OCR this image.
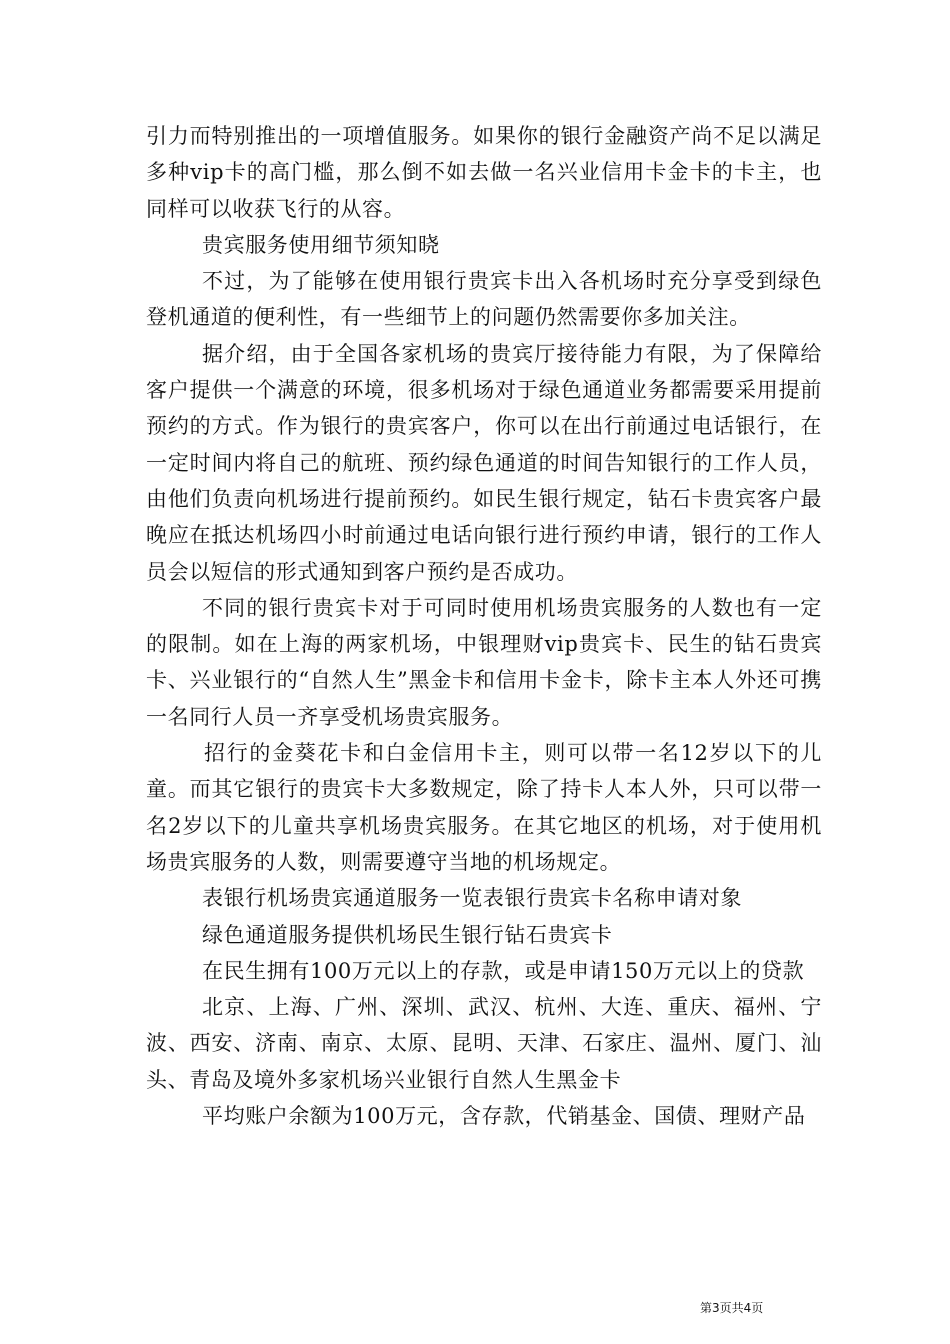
引力而特别推出的一项增值服务。如果你的银行金融资产尚不足以满足多种vip卡的高门槛，那么倒不如去做一名兴业信用卡金卡的卡主，也同样可以收获飞行的从容。

贵宾服务使用细节须知晓

不过，为了能够在使用银行贵宾卡出入各机场时充分享受到绿色登机通道的便利性，有一些细节上的问题仍然需要你多加关注。

据介绍，由于全国各家机场的贵宾厅接待能力有限，为了保障给客户提供一个满意的环境，很多机场对于绿色通道业务都需要采用提前预约的方式。作为银行的贵宾客户，你可以在出行前通过电话银行，在一定时间内将自己的航班、预约绿色通道的时间告知银行的工作人员，由他们负责向机场进行提前预约。如民生银行规定，钻石卡贵宾客户最晚应在抵达机场四小时前通过电话向银行进行预约申请，银行的工作人员会以短信的形式通知到客户预约是否成功。

不同的银行贵宾卡对于可同时使用机场贵宾服务的人数也有一定的限制。如在上海的两家机场，中银理财vip贵宾卡、民生的钻石贵宾卡、兴业银行的“自然人生”黑金卡和信用卡金卡，除卡主本人外还可携一名同行人员一齐享受机场贵宾服务。

招行的金葵花卡和白金信用卡主，则可以带一名12岁以下的儿童。而其它银行的贵宾卡大多数规定，除了持卡人本人外，只可以带一名2岁以下的儿童共享机场贵宾服务。在其它地区的机场，对于使用机场贵宾服务的人数，则需要遵守当地的机场规定。

表银行机场贵宾通道服务一览表银行贵宾卡名称申请对象

绿色通道服务提供机场民生银行钻石贵宾卡

在民生拥有100万元以上的存款，或是申请150万元以上的贷款

北京、上海、广州、深圳、武汉、杭州、大连、重庆、福州、宁波、西安、济南、南京、太原、昆明、天津、石家庄、温州、厦门、汕头、青岛及境外多家机场兴业银行自然人生黑金卡

平均账户余额为100万元，含存款，代销基金、国债、理财产品

第3页共4页
